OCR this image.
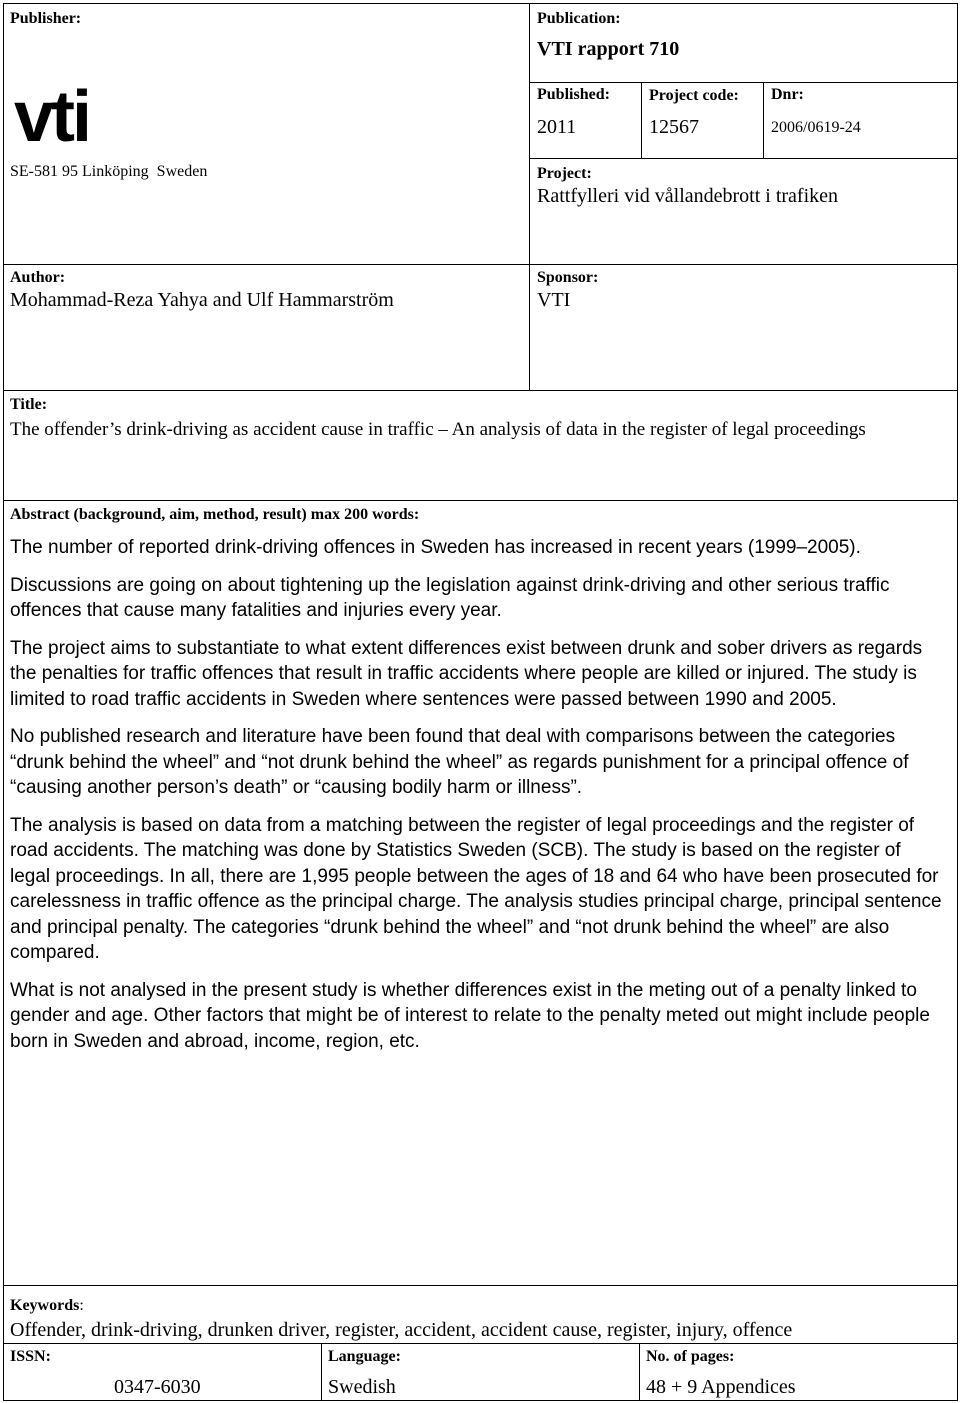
Publisher:
vti
SE-581 95 Linköping  Sweden
Publication:
VTI rapport 710
Published:
2011
Project code:
12567
Dnr:
2006/0619-24
Project:
Rattfylleri vid vållandebrott i trafiken
Author:
Mohammad-Reza Yahya and Ulf Hammarström
Sponsor:
VTI
Title:
The offender’s drink-driving as accident cause in traffic – An analysis of data in the register of legal proceedings
Abstract (background, aim, method, result) max 200 words:

The number of reported drink-driving offences in Sweden has increased in recent years (1999–2005).

Discussions are going on about tightening up the legislation against drink-driving and other serious traffic offences that cause many fatalities and injuries every year.

The project aims to substantiate to what extent differences exist between drunk and sober drivers as regards the penalties for traffic offences that result in traffic accidents where people are killed or injured. The study is limited to road traffic accidents in Sweden where sentences were passed between 1990 and 2005.

No published research and literature have been found that deal with comparisons between the categories “drunk behind the wheel” and “not drunk behind the wheel” as regards punishment for a principal offence of “causing another person’s death” or “causing bodily harm or illness”.

The analysis is based on data from a matching between the register of legal proceedings and the register of road accidents. The matching was done by Statistics Sweden (SCB). The study is based on the register of legal proceedings. In all, there are 1,995 people between the ages of 18 and 64 who have been prosecuted for carelessness in traffic offence as the principal charge. The analysis studies principal charge, principal sentence and principal penalty. The categories “drunk behind the wheel” and “not drunk behind the wheel” are also compared.

What is not analysed in the present study is whether differences exist in the meting out of a penalty linked to gender and age. Other factors that might be of interest to relate to the penalty meted out might include people born in Sweden and abroad, income, region, etc.

Keywords:
Offender, drink-driving, drunken driver, register, accident, accident cause, register, injury, offence
ISSN:
0347-6030
Language:
Swedish
No. of pages:
48 + 9 Appendices
